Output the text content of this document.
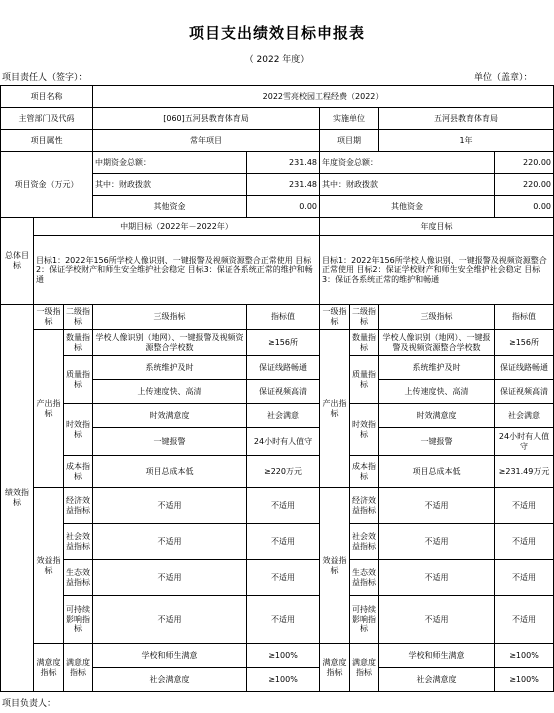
项目支出绩效目标申报表
（ 2022 年度）
项目责任人（签字）：	单位（盖章）：
项目名称			2022雪亮校园工程经费（2022）					
主管部门及代码			[060]五河县教育体育局		实施单位		五河县教育体育局	
项目属性			常年项目		项目期		1年	
项目资金（万元）			中期资金总额：	231.48	年度资金总额：			220.00
			其中：财政拨款	231.48	其中：财政拨款			220.00
			其他资金	0.00	其他资金			0.00
总体目标	中期目标（2022年－2022年）				年度目标			
	目标1：2022年156所学校人像识别、一键报警及视频资源整合正常使用 目标2：保证学校财产和师生安全维护社会稳定 目标3：保证各系统正常的维护和畅通				目标1：2022年156所学校人像识别、一键报警及视频资源整合正常使用 目标2：保证学校财产和师生安全维护社会稳定 目标3：保证各系统正常的维护和畅通			
绩效指标	一级指标	二级指标	三级指标	指标值	一级指标	二级指标	三级指标	指标值
	产出指标	数量指标	学校人像识别（地网）、一键报警及视频资源整合学校数	≥156所	产出指标	数量指标	学校人像识别（地网）、一键报警及视频资源整合学校数	≥156所
		质量指标	系统维护及时	保证线路畅通		质量指标	系统维护及时	保证线路畅通
			上传速度快、高清	保证视频高清			上传速度快、高清	保证视频高清
		时效指标	时效满意度	社会满意		时效指标	时效满意度	社会满意
			一键报警	24小时有人值守			一键报警	24小时有人值守
		成本指标	项目总成本低	≥220万元		成本指标	项目总成本低	≥231.49万元

	效益指标	经济效益指标	不适用	不适用	效益指标	经济效益指标	不适用	不适用
		社会效益指标	不适用	不适用		社会效益指标	不适用	不适用
		生态效益指标	不适用	不适用		生态效益指标	不适用	不适用
		可持续影响指标	不适用	不适用		可持续影响指标	不适用	不适用
	满意度指标	满意度指标	学校和师生满意	≥100%	满意度指标	满意度指标	学校和师生满意	≥100%
			社会满意度	≥100%			社会满意度	≥100%
项目负责人：
